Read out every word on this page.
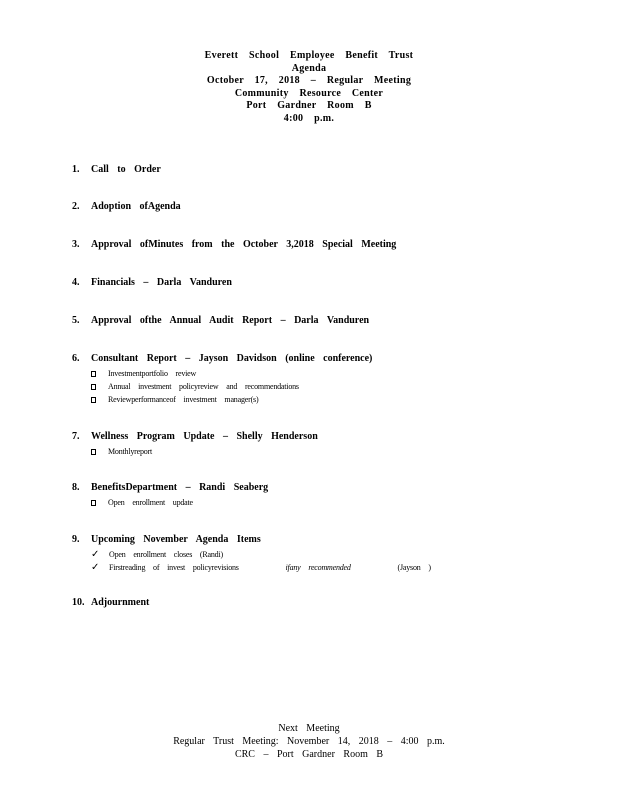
Everett School Employee Benefit Trust
Agenda
October 17, 2018 – Regular Meeting
Community Resource Center
Port Gardner Room B
4:00 p.m.
1.	Call to Order
2.	Adoption ofAgenda
3.	Approval ofMinutes from the October 3,2018 Special Meeting
4.	Financials – Darla Vanduren
5.	Approval ofthe Annual Audit Report – Darla Vanduren
6.	Consultant Report – Jayson Davidson (online conference)
Investmentportfolio review
Annual investment policyreview and recommendations
Reviewperformanceof investment manager(s)
7.	Wellness Program Update – Shelly Henderson
Monthlyreport
8.	BenefitsDepartment – Randi Seaberg
Open enrollment update
9.	Upcoming November Agenda Items
✓	Open enrollment closes (Randi)
✓	Firstreading of invest policyrevisions
	ifany recommended
	(Jayson )
10. Adjournment
Next Meeting
Regular Trust Meeting: November 14, 2018 – 4:00 p.m.
CRC – Port Gardner Room B
